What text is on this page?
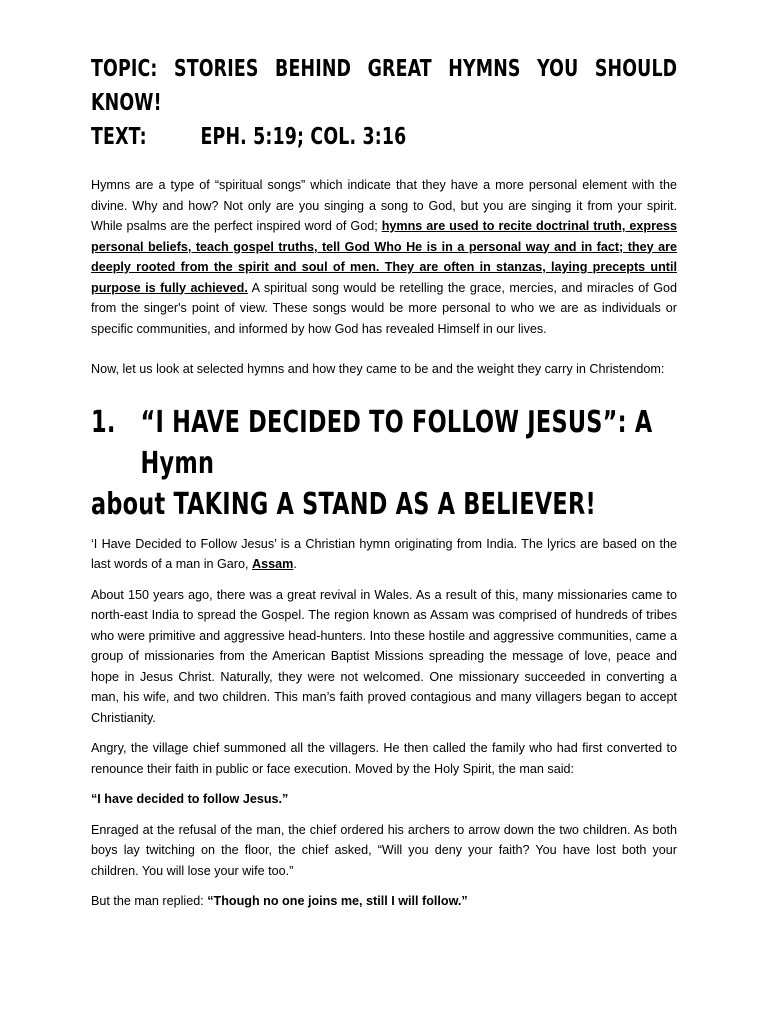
TOPIC: STORIES BEHIND GREAT HYMNS YOU SHOULD
KNOW!
TEXT: EPH. 5:19; COL. 3:16

Hymns are a type of “spiritual songs” which indicate that they have a more personal element with the divine. Why and how? Not only are you singing a song to God, but you are singing it from your spirit. While psalms are the perfect inspired word of God; hymns are used to recite doctrinal truth, express personal beliefs, teach gospel truths, tell God Who He is in a personal way and in fact; they are deeply rooted from the spirit and soul of men. They are often in stanzas, laying precepts until purpose is fully achieved. A spiritual song would be retelling the grace, mercies, and miracles of God from the singer's point of view. These songs would be more personal to who we are as individuals or specific communities, and informed by how God has revealed Himself in our lives.

Now, let us look at selected hymns and how they came to be and the weight they carry in Christendom:

1. “I HAVE DECIDED TO FOLLOW JESUS”: A Hymn
about TAKING A STAND AS A BELIEVER!

‘I Have Decided to Follow Jesus’ is a Christian hymn originating from India. The lyrics are based on the last words of a man in Garo, Assam.

About 150 years ago, there was a great revival in Wales. As a result of this, many missionaries came to north-east India to spread the Gospel. The region known as Assam was comprised of hundreds of tribes who were primitive and aggressive head-hunters. Into these hostile and aggressive communities, came a group of missionaries from the American Baptist Missions spreading the message of love, peace and hope in Jesus Christ. Naturally, they were not welcomed. One missionary succeeded in converting a man, his wife, and two children. This man’s faith proved contagious and many villagers began to accept Christianity.

Angry, the village chief summoned all the villagers. He then called the family who had first converted to renounce their faith in public or face execution. Moved by the Holy Spirit, the man said:

“I have decided to follow Jesus.”

Enraged at the refusal of the man, the chief ordered his archers to arrow down the two children. As both boys lay twitching on the floor, the chief asked, “Will you deny your faith? You have lost both your children. You will lose your wife too.”

But the man replied: “Though no one joins me, still I will follow.”
